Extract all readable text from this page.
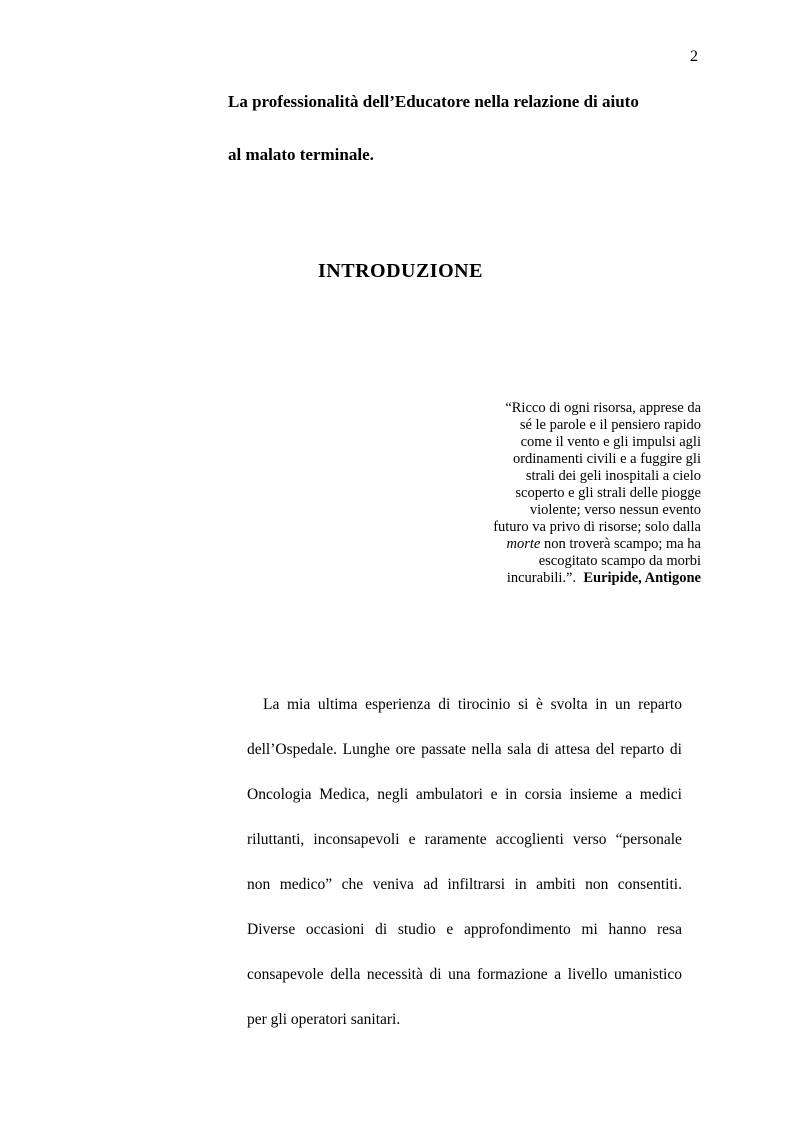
2
La professionalità dell’Educatore nella relazione di aiuto
al malato terminale.
INTRODUZIONE
“Ricco di ogni risorsa, apprese da
sé le parole e il pensiero rapido
come il vento e gli impulsi agli
ordinamenti civili e a fuggire gli
strali dei geli inospitali a cielo
scoperto e gli strali delle piogge
violente; verso nessun evento
futuro va privo di risorse; solo dalla
morte non troverà scampo; ma ha
escogitato scampo da morbi
incurabili.”.  Euripide, Antigone
La mia ultima esperienza di tirocinio si è svolta in un reparto
dell’Ospedale. Lunghe ore passate nella sala di attesa del reparto di
Oncologia Medica, negli ambulatori e in corsia insieme a medici
riluttanti, inconsapevoli e raramente accoglienti verso “personale
non medico” che veniva ad infiltrarsi in ambiti non consentiti.
Diverse occasioni di studio e approfondimento mi hanno resa
consapevole della necessità di una formazione a livello umanistico
per gli operatori sanitari.
